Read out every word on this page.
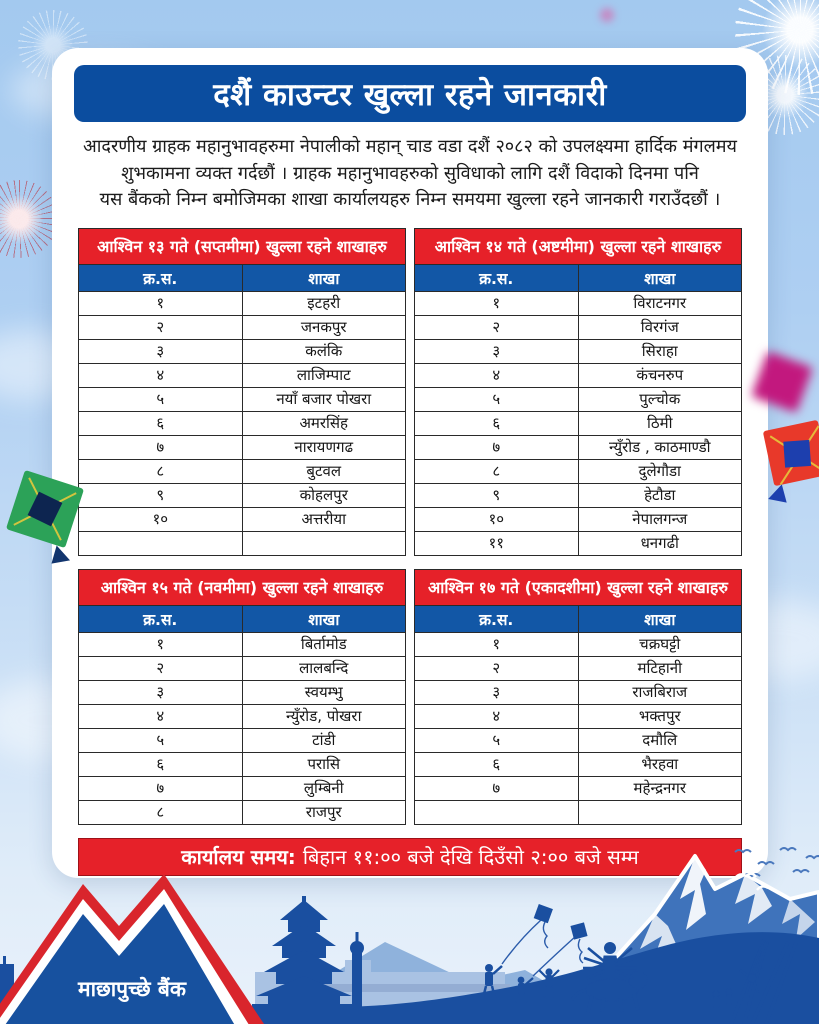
दशैं काउन्टर खुल्ला रहने जानकारी
आदरणीय ग्राहक महानुभावहरुमा नेपालीको महान् चाड वडा दशैं २०८२ को उपलक्ष्यमा हार्दिक मंगलमय
शुभकामना व्यक्त गर्दछौं । ग्राहक महानुभावहरुको सुविधाको लागि दशैं विदाको दिनमा पनि
यस बैंकको निम्न बमोजिमका शाखा कार्यालयहरु निम्न समयमा खुल्ला रहने जानकारी गराउँदछौं ।
आश्विन १३ गते (सप्तमीमा) खुल्ला रहने शाखाहरु	
क्र.स.	शाखा
१	इटहरी
२	जनकपुर
३	कलंकि
४	लाजिम्पाट
५	नयाँ बजार पोखरा
६	अमरसिंह
७	नारायणगढ
८	बुटवल
९	कोहलपुर
१०	अत्तरीया

आश्विन १४ गते (अष्टमीमा) खुल्ला रहने शाखाहरु	
क्र.स.	शाखा
१	विराटनगर
२	विरगंज
३	सिराहा
४	कंचनरुप
५	पुल्चोक
६	ठिमी
७	न्युँरोड , काठमाण्डौ
८	दुलेगौडा
९	हेटौडा
१०	नेपालगन्ज
११	धनगढी
आश्विन १५ गते (नवमीमा) खुल्ला रहने शाखाहरु	
क्र.स.	शाखा
१	बिर्तामोड
२	लालबन्दि
३	स्वयम्भु
४	न्युँरोड, पोखरा
५	टांडी
६	परासि
७	लुम्बिनी
८	राजपुर
आश्विन १७ गते (एकादशीमा) खुल्ला रहने शाखाहरु	
क्र.स.	शाखा
१	चक्रघट्टी
२	मटिहानी
३	राजबिराज
४	भक्तपुर
५	दमौलि
६	भैरहवा
७	महेन्द्रनगर

कार्यालय समय: बिहान ११:०० बजे देखि दिउँसो २:०० बजे सम्म
माछापुच्छे बैंक
